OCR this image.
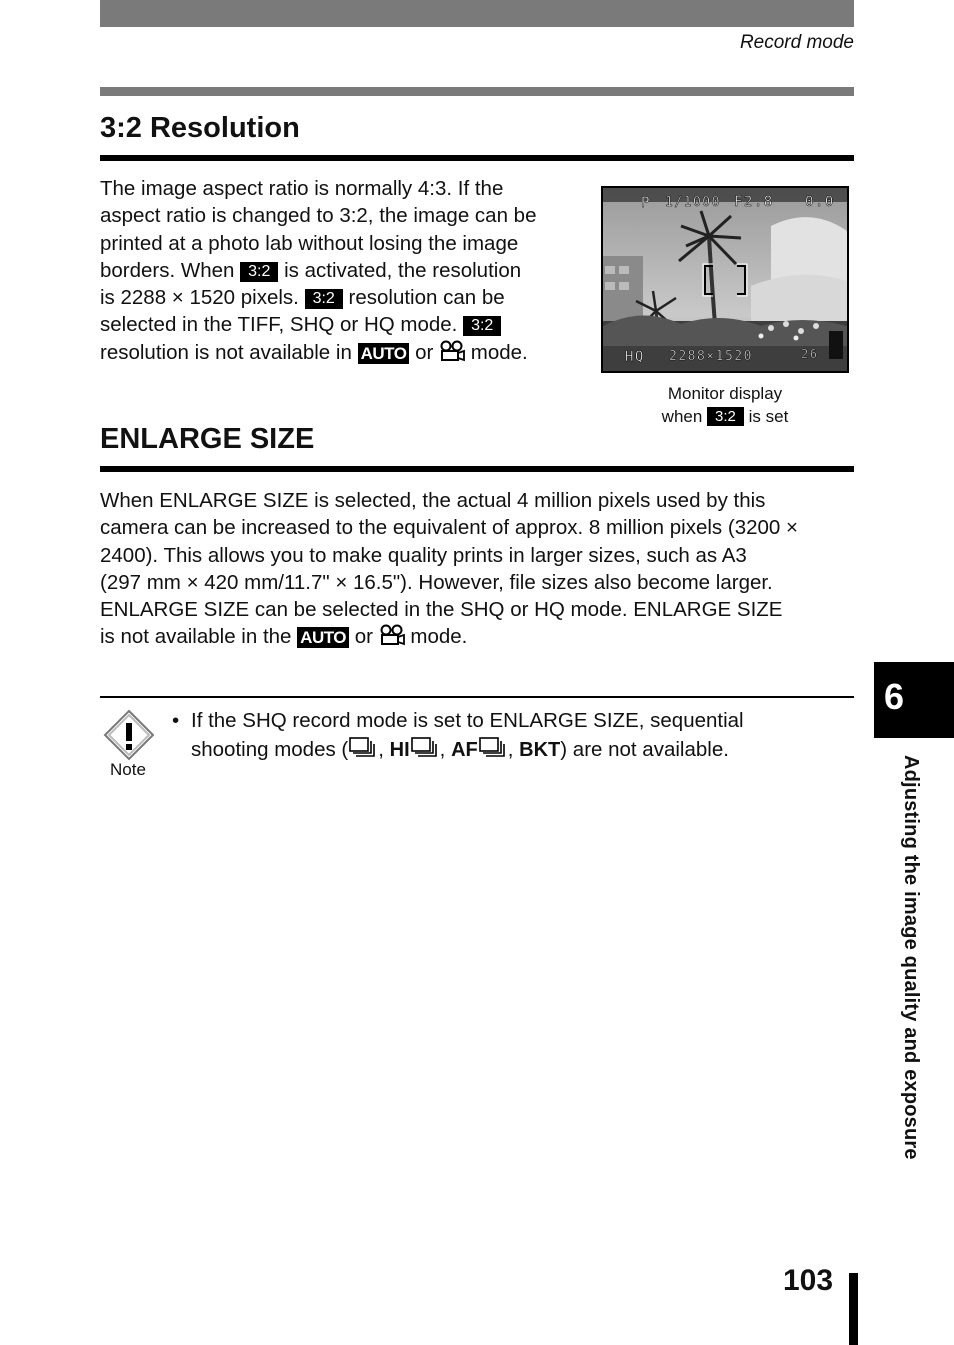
Record mode
3:2 Resolution
The image aspect ratio is normally 4:3. If the
aspect ratio is changed to 3:2, the image can be
printed at a photo lab without losing the image
borders. When 3:2 is activated, the resolution
is 2288 × 1520 pixels. 3:2 resolution can be
selected in the TIFF, SHQ or HQ mode. 3:2
resolution is not available in AUTO or mode.
P 1/1000 F2.8 0.0
HQ 2288×1520	26
Monitor display
when 3:2 is set
ENLARGE SIZE
When ENLARGE SIZE is selected, the actual 4 million pixels used by this
camera can be increased to the equivalent of approx. 8 million pixels (3200 ×
2400). This allows you to make quality prints in larger sizes, such as A3
(297 mm × 420 mm/11.7" × 16.5"). However, file sizes also become larger.
ENLARGE SIZE can be selected in the SHQ or HQ mode. ENLARGE SIZE
is not available in the AUTO or mode.
Note
• If the SHQ record mode is set to ENLARGE SIZE, sequential
shooting modes ( , HI , AF , BKT) are not available.
6
Adjusting the image quality and exposure
103
